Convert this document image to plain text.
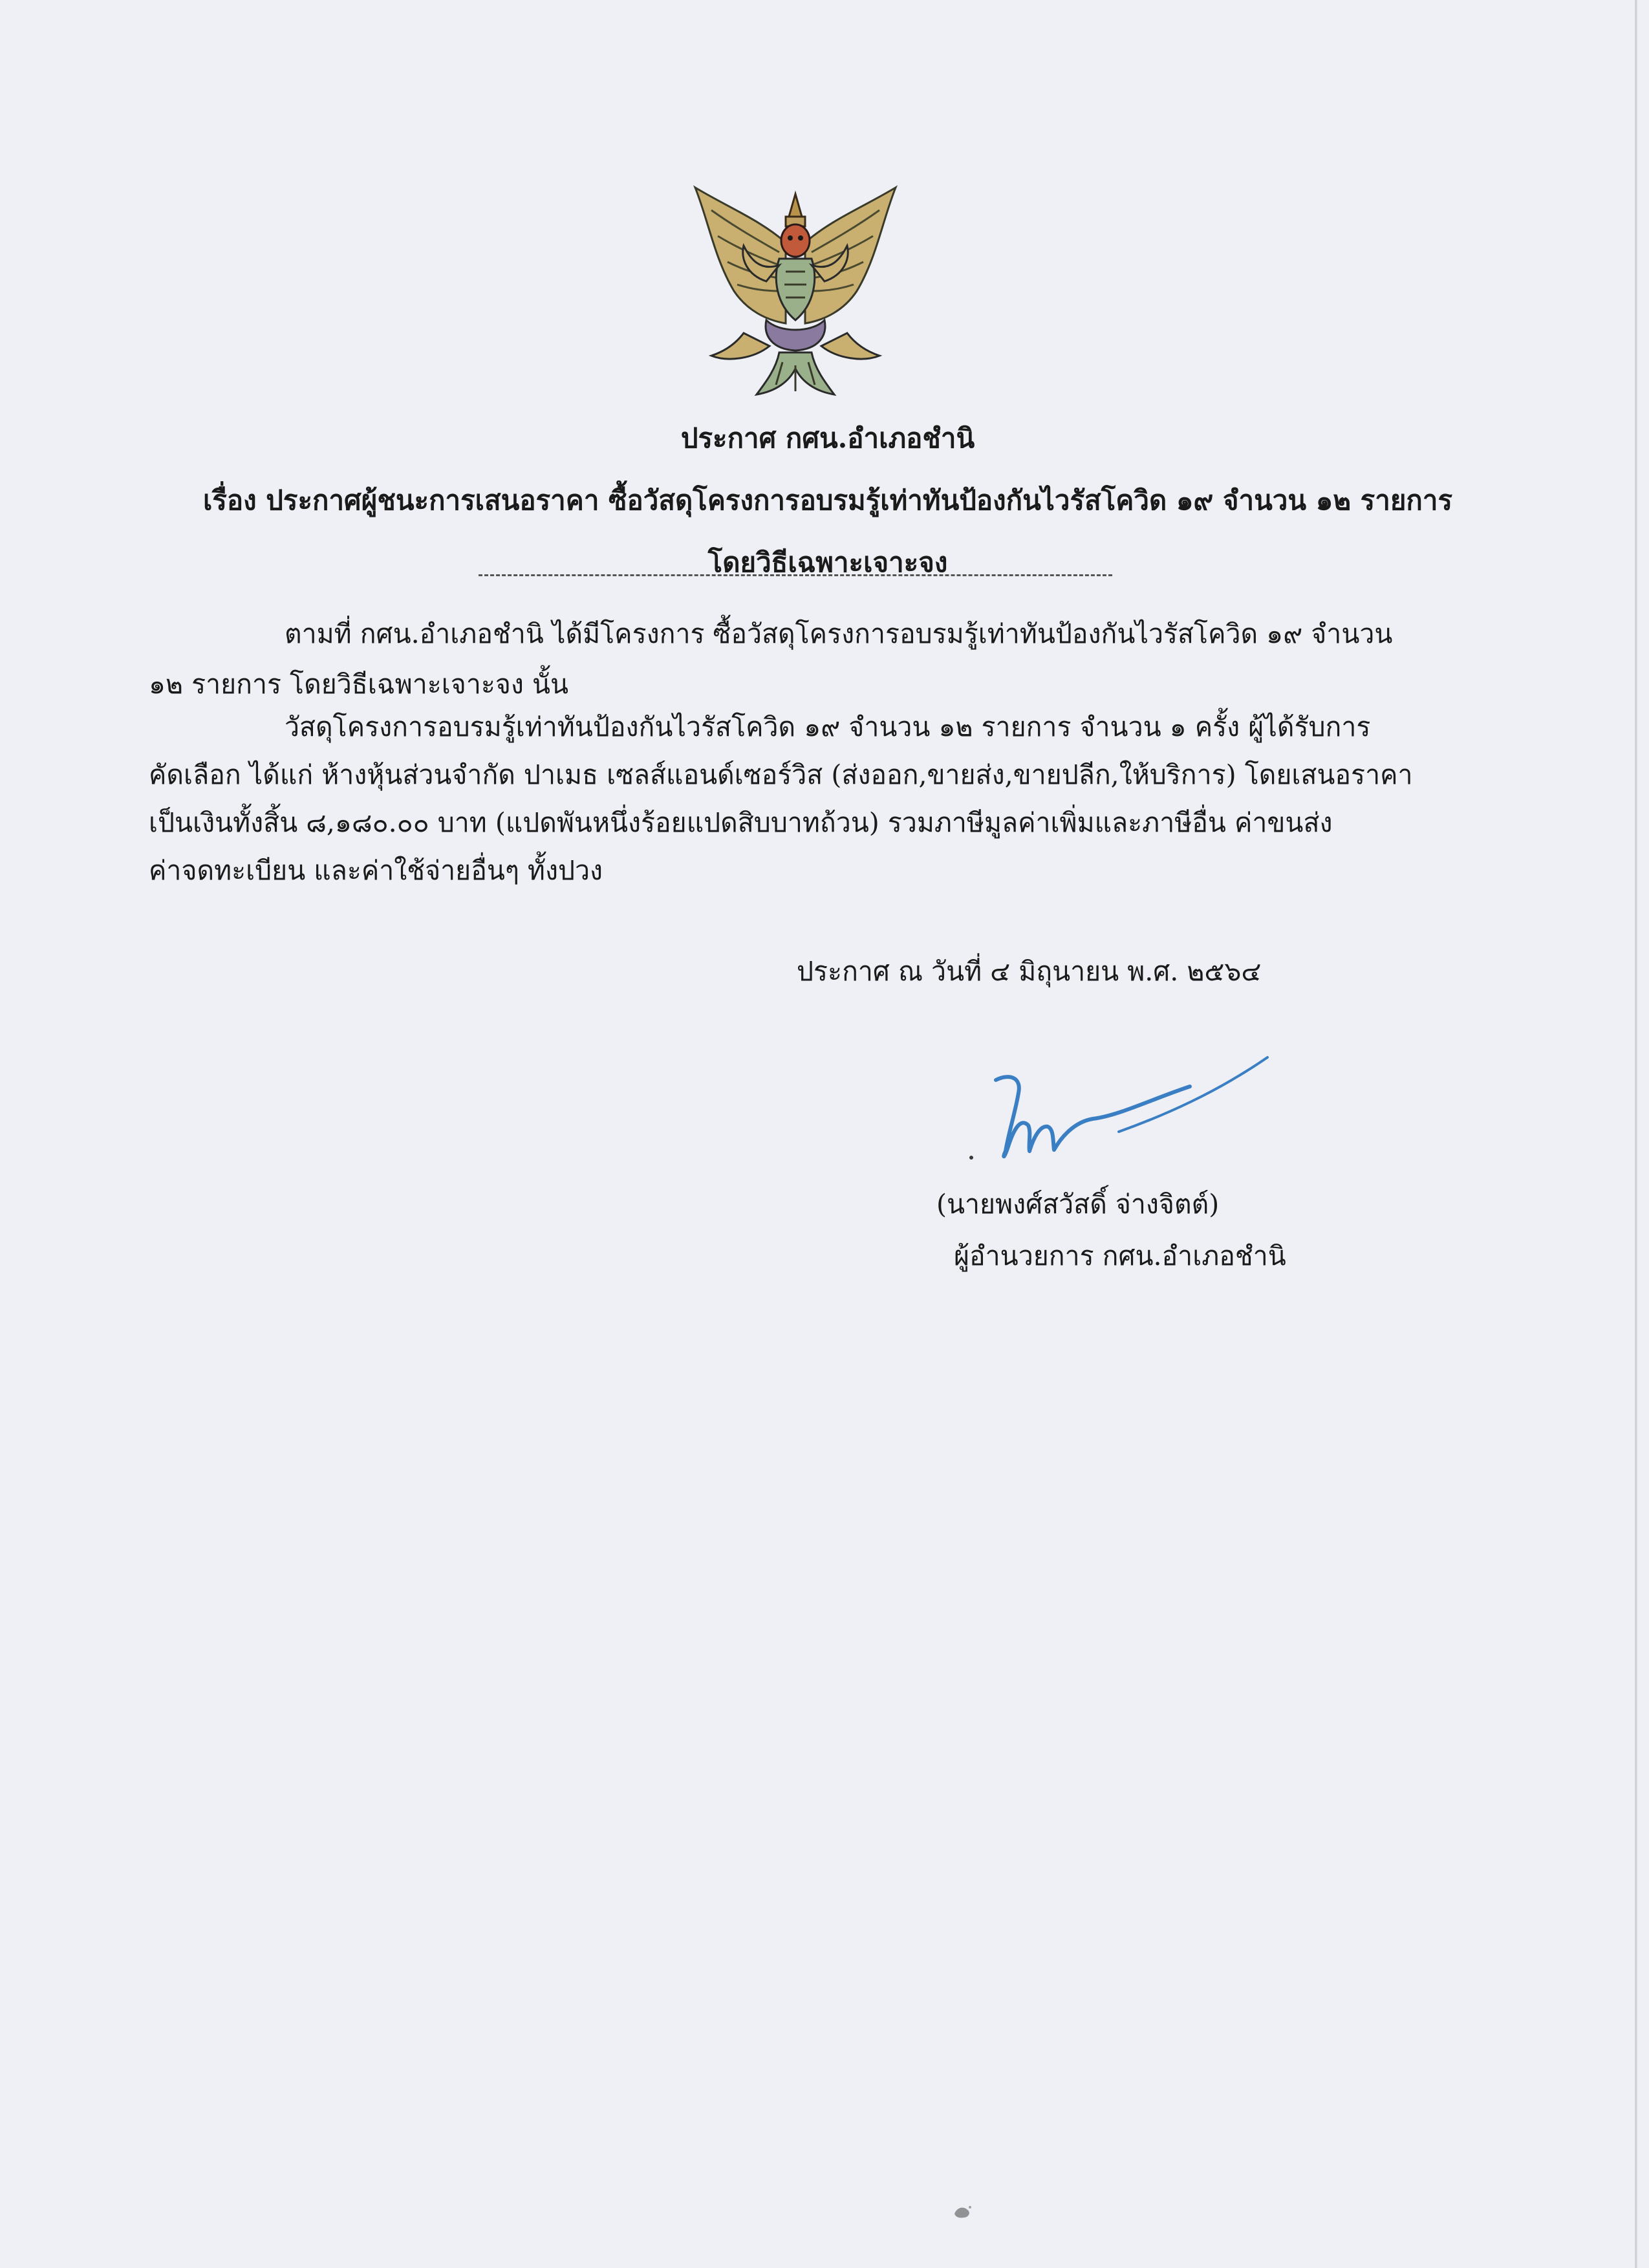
ประกาศ กศน.อำเภอชำนิ
เรื่อง ประกาศผู้ชนะการเสนอราคา ซื้อวัสดุโครงการอบรมรู้เท่าทันป้องกันไวรัสโควิด ๑๙ จำนวน ๑๒ รายการ
โดยวิธีเฉพาะเจาะจง
ตามที่ กศน.อำเภอชำนิ ได้มีโครงการ ซื้อวัสดุโครงการอบรมรู้เท่าทันป้องกันไวรัสโควิด ๑๙ จำนวน
๑๒ รายการ โดยวิธีเฉพาะเจาะจง นั้น
วัสดุโครงการอบรมรู้เท่าทันป้องกันไวรัสโควิด ๑๙ จำนวน ๑๒ รายการ จำนวน ๑ ครั้ง ผู้ได้รับการ
คัดเลือก ได้แก่ ห้างหุ้นส่วนจำกัด ปาเมธ เซลส์แอนด์เซอร์วิส (ส่งออก,ขายส่ง,ขายปลีก,ให้บริการ) โดยเสนอราคา
เป็นเงินทั้งสิ้น ๘,๑๘๐.๐๐ บาท (แปดพันหนึ่งร้อยแปดสิบบาทถ้วน) รวมภาษีมูลค่าเพิ่มและภาษีอื่น ค่าขนส่ง
ค่าจดทะเบียน และค่าใช้จ่ายอื่นๆ ทั้งปวง
ประกาศ ณ วันที่ ๔ มิถุนายน พ.ศ. ๒๕๖๔
(นายพงศ์สวัสดิ์ จ่างจิตต์)
ผู้อำนวยการ กศน.อำเภอชำนิ
